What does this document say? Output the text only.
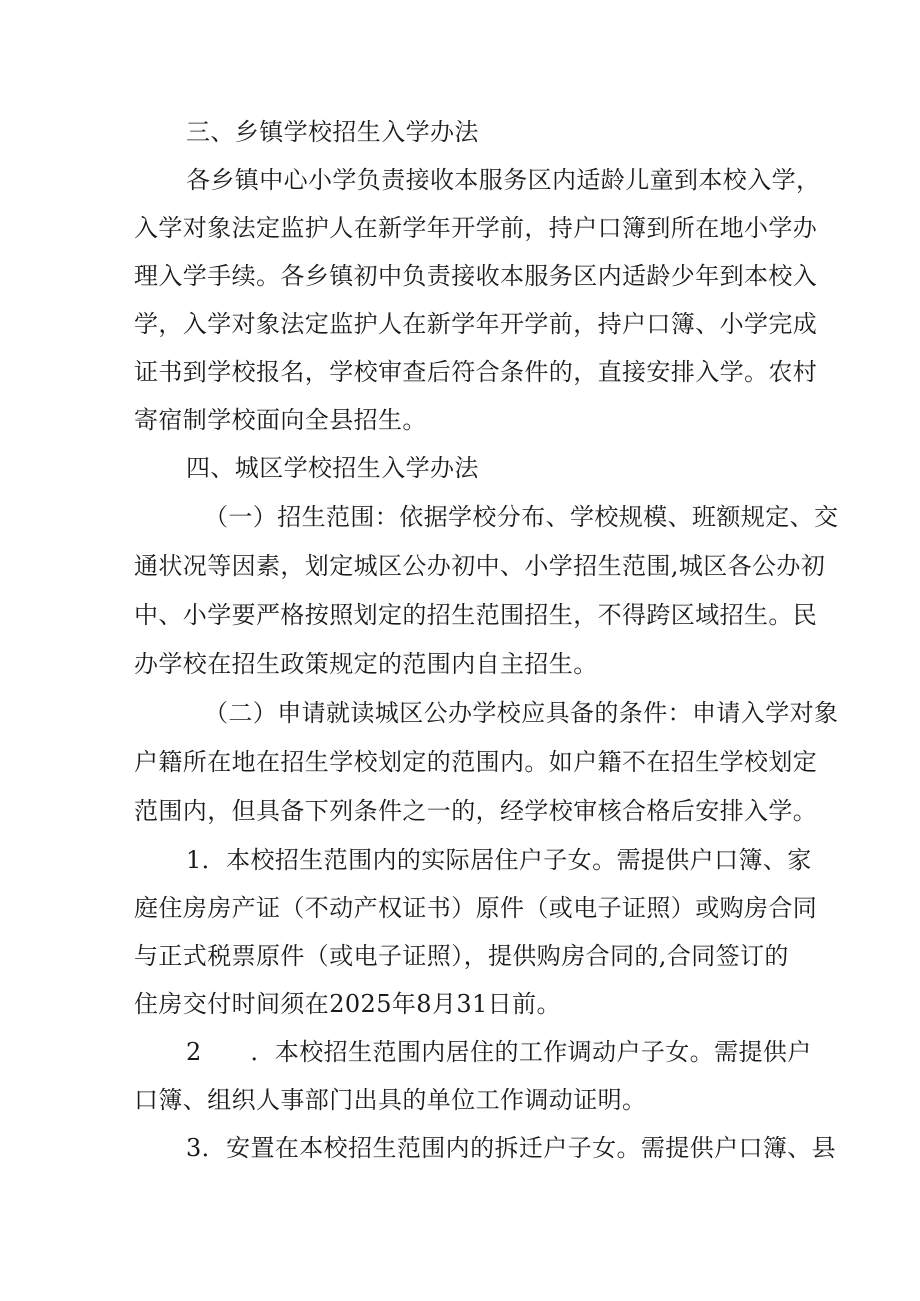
三、乡镇学校招生入学办法
各乡镇中心小学负责接收本服务区内适龄儿童到本校入学，
入学对象法定监护人在新学年开学前，持户口簿到所在地小学办
理入学手续。各乡镇初中负责接收本服务区内适龄少年到本校入
学，入学对象法定监护人在新学年开学前，持户口簿、小学完成
证书到学校报名，学校审查后符合条件的，直接安排入学。农村
寄宿制学校面向全县招生。
四、城区学校招生入学办法
（一）招生范围：依据学校分布、学校规模、班额规定、交
通状况等因素，划定城区公办初中、小学招生范围,城区各公办初
中、小学要严格按照划定的招生范围招生，不得跨区域招生。民
办学校在招生政策规定的范围内自主招生。
（二）申请就读城区公办学校应具备的条件：申请入学对象
户籍所在地在招生学校划定的范围内。如户籍不在招生学校划定
范围内，但具备下列条件之一的，经学校审核合格后安排入学。
1．本校招生范围内的实际居住户子女。需提供户口簿、家
庭住房房产证（不动产权证书）原件（或电子证照）或购房合同
与正式税票原件（或电子证照），提供购房合同的,合同签订的
住房交付时间须在2025年8月31日前。
2　　．本校招生范围内居住的工作调动户子女。需提供户
口簿、组织人事部门出具的单位工作调动证明。
3．安置在本校招生范围内的拆迁户子女。需提供户口簿、县
